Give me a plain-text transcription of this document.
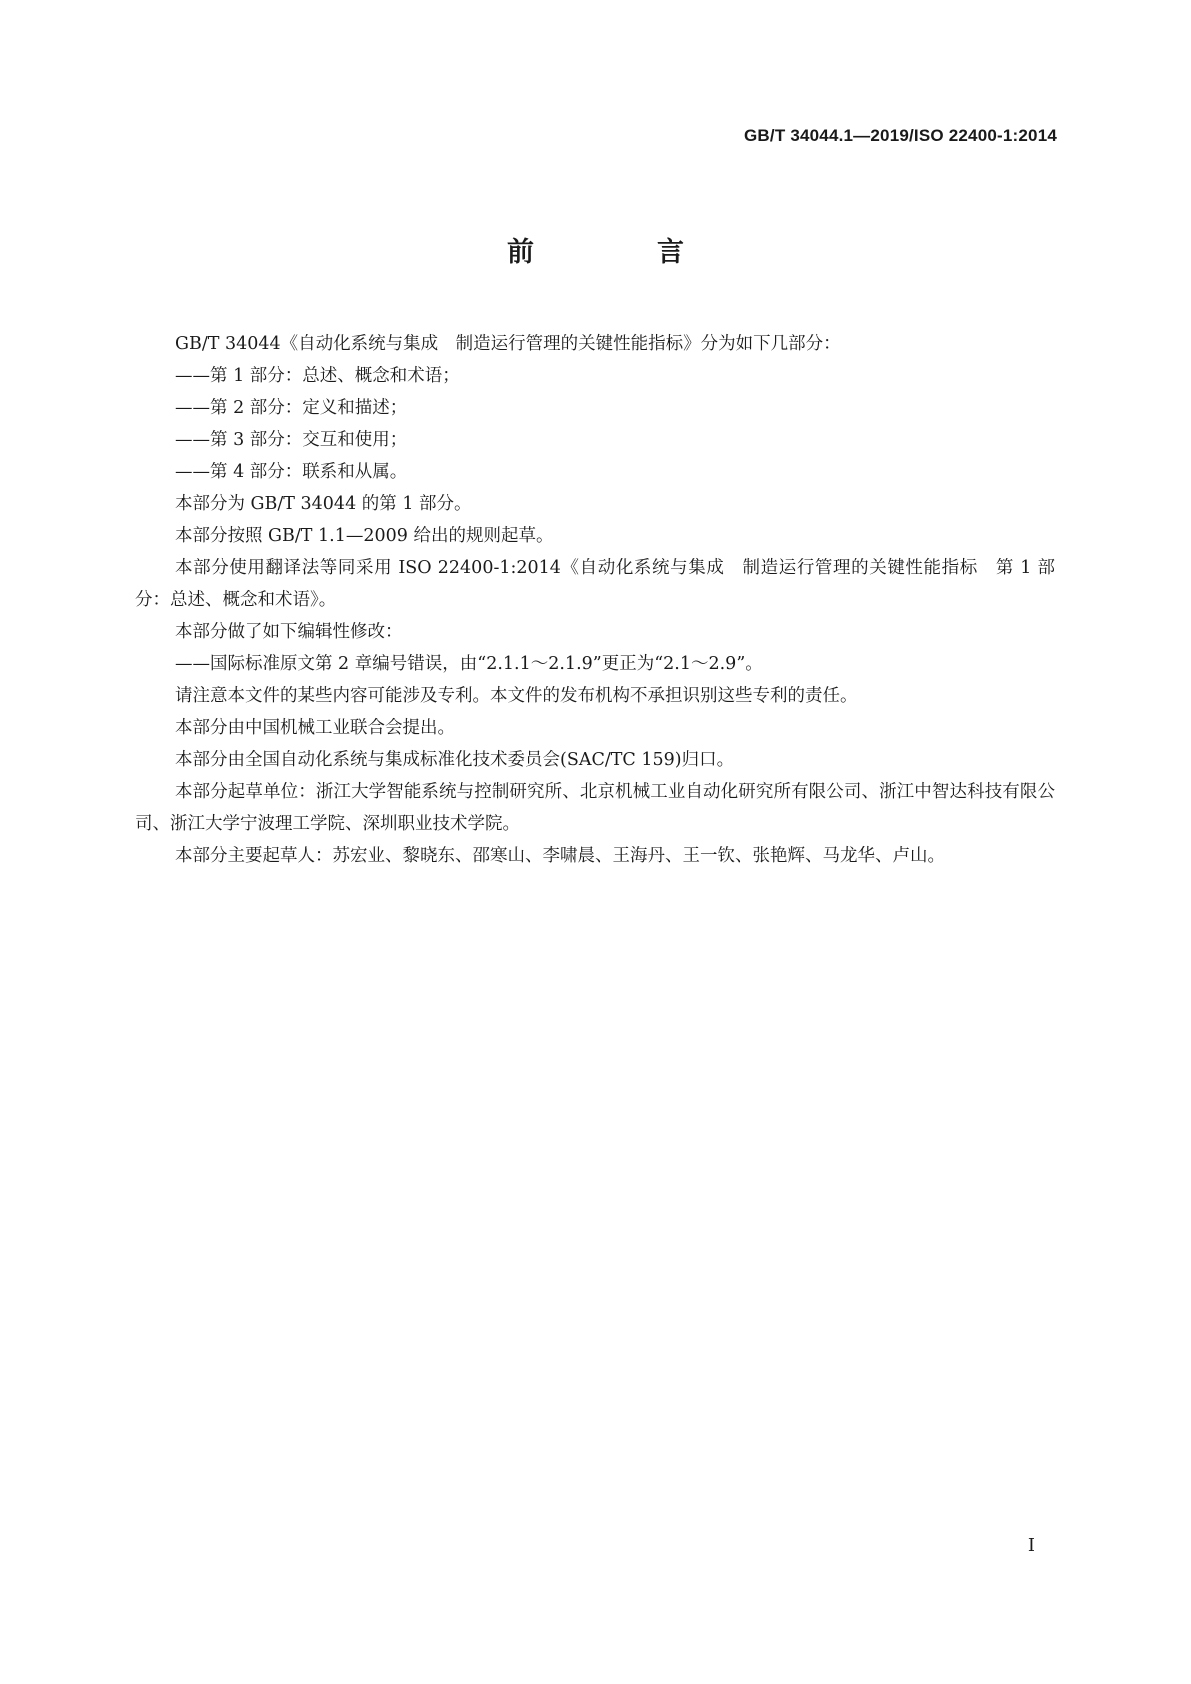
GB/T 34044.1—2019/ISO 22400-1:2014
前　言

GB/T 34044《自动化系统与集成　制造运行管理的关键性能指标》分为如下几部分：

——第 1 部分：总述、概念和术语；

——第 2 部分：定义和描述；

——第 3 部分：交互和使用；

——第 4 部分：联系和从属。

本部分为 GB/T 34044 的第 1 部分。

本部分按照 GB/T 1.1—2009 给出的规则起草。

本部分使用翻译法等同采用 ISO 22400-1:2014《自动化系统与集成　制造运行管理的关键性能指标　第 1 部分：总述、概念和术语》。

本部分做了如下编辑性修改：

——国际标准原文第 2 章编号错误，由“2.1.1～2.1.9”更正为“2.1～2.9”。

请注意本文件的某些内容可能涉及专利。本文件的发布机构不承担识别这些专利的责任。

本部分由中国机械工业联合会提出。

本部分由全国自动化系统与集成标准化技术委员会(SAC/TC 159)归口。

本部分起草单位：浙江大学智能系统与控制研究所、北京机械工业自动化研究所有限公司、浙江中智达科技有限公司、浙江大学宁波理工学院、深圳职业技术学院。

本部分主要起草人：苏宏业、黎晓东、邵寒山、李啸晨、王海丹、王一钦、张艳辉、马龙华、卢山。

I
